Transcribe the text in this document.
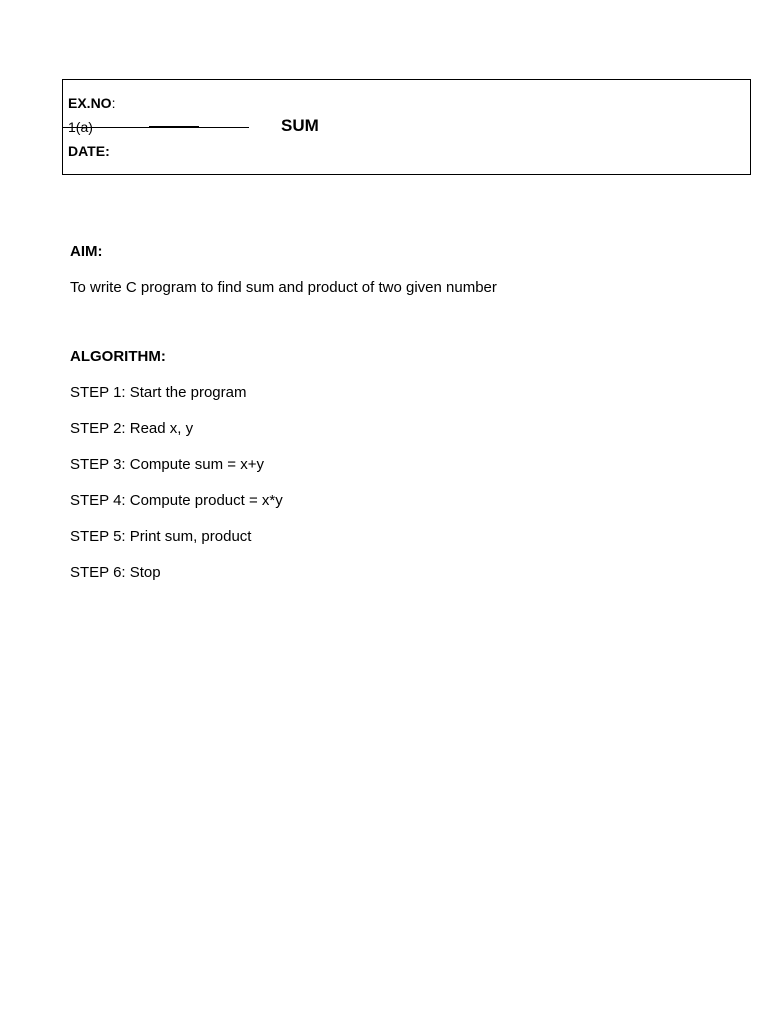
EX.NO:
1(a)
DATE:
SUM
AIM:
To write C program to find sum and product of two given number
ALGORITHM:
STEP 1: Start the program
STEP 2: Read x, y
STEP 3: Compute sum = x+y
STEP 4: Compute product = x*y
STEP 5: Print sum, product
STEP 6: Stop
